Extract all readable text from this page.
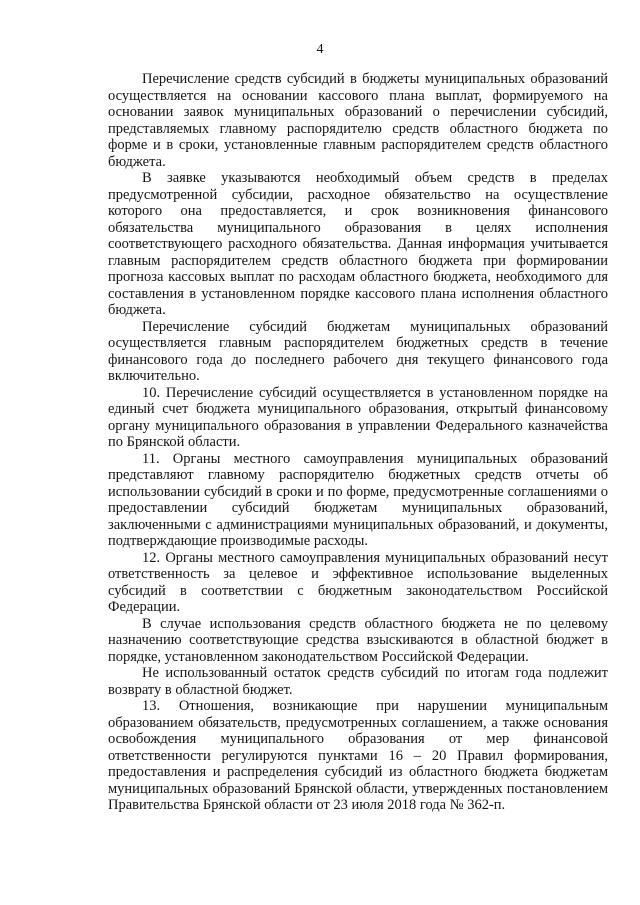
4

Перечисление средств субсидий в бюджеты муниципальных образований осуществляется на основании кассового плана выплат, формируемого на основании заявок муниципальных образований о перечислении субсидий, представляемых главному распорядителю средств областного бюджета по форме и в сроки, установленные главным распорядителем средств областного бюджета.

В заявке указываются необходимый объем средств в пределах предусмотренной субсидии, расходное обязательство на осуществление которого она предоставляется, и срок возникновения финансового обязательства муниципального образования в целях исполнения соответствующего расходного обязательства. Данная информация учитывается главным распорядителем средств областного бюджета при формировании прогноза кассовых выплат по расходам областного бюджета, необходимого для составления в установленном порядке кассового плана исполнения областного бюджета.

Перечисление субсидий бюджетам муниципальных образований осуществляется главным распорядителем бюджетных средств в течение финансового года до последнего рабочего дня текущего финансового года включительно.

10. Перечисление субсидий осуществляется в установленном порядке на единый счет бюджета муниципального образования, открытый финансовому органу муниципального образования в управлении Федерального казначейства по Брянской области.

11. Органы местного самоуправления муниципальных образований представляют главному распорядителю бюджетных средств отчеты об использовании субсидий в сроки и по форме, предусмотренные соглашениями о предоставлении субсидий бюджетам муниципальных образований, заключенными с администрациями муниципальных образований, и документы, подтверждающие производимые расходы.

12. Органы местного самоуправления муниципальных образований несут ответственность за целевое и эффективное использование выделенных субсидий в соответствии с бюджетным законодательством Российской Федерации.

В случае использования средств областного бюджета не по целевому назначению соответствующие средства взыскиваются в областной бюджет в порядке, установленном законодательством Российской Федерации.

Не использованный остаток средств субсидий по итогам года подлежит возврату в областной бюджет.

13. Отношения, возникающие при нарушении муниципальным образованием обязательств, предусмотренных соглашением, а также основания освобождения муниципального образования от мер финансовой ответственности регулируются пунктами 16 – 20 Правил формирования, предоставления и распределения субсидий из областного бюджета бюджетам муниципальных образований Брянской области, утвержденных постановлением Правительства Брянской области от 23 июля 2018 года № 362-п.
